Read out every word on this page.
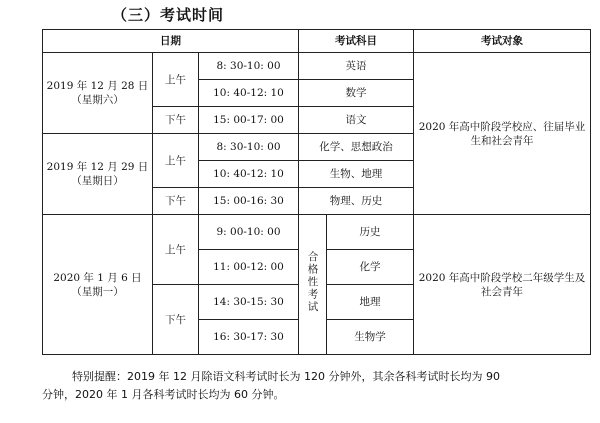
（三）考试时间
日期			考试科目		考试对象

2019 年 12 月 28 日
（星期六）	上午	8: 30-10: 00	英语		2020 年高中阶段学校应、往届毕业生和社会青年
		10: 40-12: 10	数学		
	下午	15: 00-17: 00	语文		

2019 年 12 月 29 日
（星期日）	上午	8: 30-10: 00	化学、思想政治		
		10: 40-12: 10	生物、地理		
	下午	15: 00-16: 30	物理、历史		

2020 年 1 月 6 日
（星期一）	上午	9: 00-10: 00	合格性考试	历史	2020 年高中阶段学校二年级学生及社会青年
		11: 00-12: 00		化学	
	下午	14: 30-15: 30		地理	
		16: 30-17: 30		生物学	
特别提醒：2019 年 12 月除语文科考试时长为 120 分钟外，其余各科考试时长均为 90
分钟，2020 年 1 月各科考试时长均为 60 分钟。
